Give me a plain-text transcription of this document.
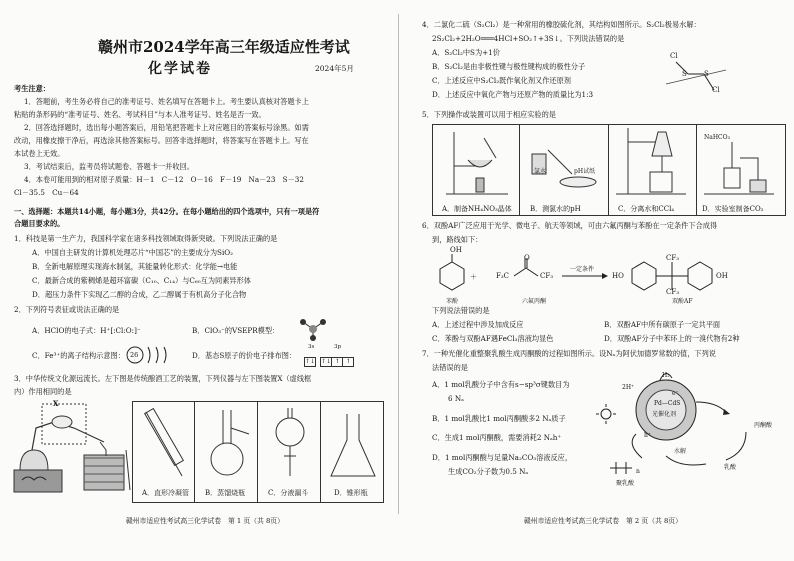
赣州市2024学年高三年级适应性考试
化学试卷	2024年5月
考生注意：
1．答题前，考生务必将自己的准考证号、姓名填写在答题卡上。考生要认真核对答题卡上
粘贴的条形码的“准考证号、姓名、考试科目”与本人准考证号、姓名是否一致。
2．回答选择题时，选出每小题答案后，用铅笔把答题卡上对应题目的答案标号涂黑。如需
改动，用橡皮擦干净后，再选涂其他答案标号。回答非选择题时，将答案写在答题卡上。写在
本试卷上无效。
3．考试结束后，监考员将试题卷、答题卡一并收回。
4．本卷可能用到的相对原子质量：H－1　C－12　O－16　F－19　Na－23　S－32
Cl－35.5　Cu－64
一、选择题：本题共14小题，每小题3分，共42分。在每小题给出的四个选项中，只有一项是符
合题目要求的。
1．科技是第一生产力，我国科学家在诸多科技领域取得新突破。下列说法正确的是
A．中国自主研发的计算机处理芯片“中国芯”的主要成分为SiO₂
B．全新电解原理实现海水制氢，其能量转化形式：化学能→电能
C．最新合成的紫稠烯是超环富碳（C₁₀、C₁₄）与C₆₀互为同素异形体
D．超压力条件下实现乙二醇的合成，乙二醇属于有机高分子化合物
2．下列符号表征或说法正确的是
A．HClO的电子式：H⁺[:Cl:O:]⁻	B．ClO₃⁻的VSEPR模型：
C．Fe³⁺的离子结构示意图： 26	D．基态S原子的价电子排布图：
3s	3p
↑↓ ↑↓ ↑ ↑
3．中华传统文化源远流长。左下图是传统酿酒工艺的装置，下列仪器与左下图装置X（虚线框
内）作用相同的是
X
A．直形冷凝管 B．蒸馏烧瓶	C．分液漏斗	D．锥形瓶
赣州市适应性考试高三化学试卷　第 1 页（共 8页）
4．二氯化二硫（S₂Cl₂）是一种常用的橡胶硫化剂，其结构如图所示。S₂Cl₂极易水解：
2S₂Cl₂+2H₂O═══4HCl+SO₂↑+3S↓。下列说法错误的是
A．S₂Cl₂中S为+1价
B．S₂Cl₂是由非极性键与极性键构成的极性分子
C．上述反应中S₂Cl₂既作氧化剂又作还原剂
D．上述反应中氧化产物与还原产物的质量比为1:3
Cl
S S
Cl
5．下列操作或装置可以用于相应实验的是
氯水	pH试纸
NaHCO₃
A．制备NH₄NO₃晶体	B．测氯水的pH	C．分离水和CCl₄	D．实验室制备CO₂
6．双酚AF广泛应用于光学、微电子、航天等领域，可由六氟丙酮与苯酚在一定条件下合成得
到，路线如下：
OH
＋	F₃C
O
CF₃
一定条件
HO
CF₃
CF₃
OH
苯酚	六氟丙酮	双酚AF
下列说法错误的是
A．上述过程中涉及加成反应	B．双酚AF中所有碳原子一定共平面
C．苯酚与双酚AF遇FeCl₃溶液均显色	D．双酚AF分子中苯环上的一溴代物有2种
7．一种光催化重整聚乳酸生成丙酮酸的过程如图所示。设Nₐ为阿伏加德罗常数的值，下列说
法错误的是
A．1 mol乳酸分子中含有s−sp³σ键数目为
6 Nₐ
B．1 mol乳酸比1 mol丙酮酸多2 Nₐ质子
C．生成1 mol丙酮酸，需要消耗2 Nₐh⁺
D．1 mol丙酮酸与足量Na₂CO₃溶液反应，
生成CO₂分子数为0.5 Nₐ
H₂
2H⁺
Pd—CdS
光催化剂
丙酮酸
水解
乳酸
聚乳酸
e⁻
h⁺
n
赣州市适应性考试高三化学试卷　第 2 页（共 8页）
